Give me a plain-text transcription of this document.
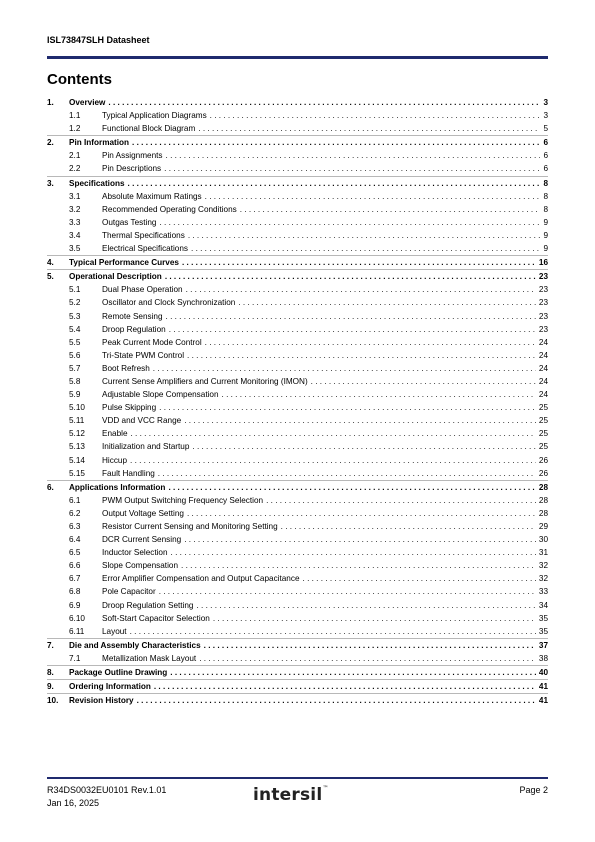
ISL73847SLH Datasheet
Contents
1.	Overview . . .	3
1.1	Typical Application Diagrams . . .	3
1.2	Functional Block Diagram . . .	5
2.	Pin Information . . .	6
2.1	Pin Assignments . . .	6
2.2	Pin Descriptions . . .	6
3.	Specifications . . .	8
3.1	Absolute Maximum Ratings . . .	8
3.2	Recommended Operating Conditions . . .	8
3.3	Outgas Testing . . .	9
3.4	Thermal Specifications . . .	9
3.5	Electrical Specifications . . .	9
4.	Typical Performance Curves . . .	16
5.	Operational Description . . .	23
5.1	Dual Phase Operation . . .	23
5.2	Oscillator and Clock Synchronization . . .	23
5.3	Remote Sensing . . .	23
5.4	Droop Regulation . . .	23
5.5	Peak Current Mode Control . . .	24
5.6	Tri-State PWM Control . . .	24
5.7	Boot Refresh . . .	24
5.8	Current Sense Amplifiers and Current Monitoring (IMON) . . .	24
5.9	Adjustable Slope Compensation . . .	24
5.10	Pulse Skipping . . .	25
5.11	VDD and VCC Range . . .	25
5.12	Enable . . .	25
5.13	Initialization and Startup . . .	25
5.14	Hiccup . . .	26
5.15	Fault Handling . . .	26
6.	Applications Information . . .	28
6.1	PWM Output Switching Frequency Selection . . .	28
6.2	Output Voltage Setting . . .	28
6.3	Resistor Current Sensing and Monitoring Setting . . .	29
6.4	DCR Current Sensing . . .	30
6.5	Inductor Selection . . .	31
6.6	Slope Compensation . . .	32
6.7	Error Amplifier Compensation and Output Capacitance . . .	32
6.8	Pole Capacitor . . .	33
6.9	Droop Regulation Setting . . .	34
6.10	Soft-Start Capacitor Selection . . .	35
6.11	Layout . . .	35
7.	Die and Assembly Characteristics . . .	37
7.1	Metallization Mask Layout . . .	38
8.	Package Outline Drawing . . .	40
9.	Ordering Information . . .	41
10.	Revision History . . .	41
R34DS0032EU0101 Rev.1.01
Jan 16, 2025	intersil™	Page 2
